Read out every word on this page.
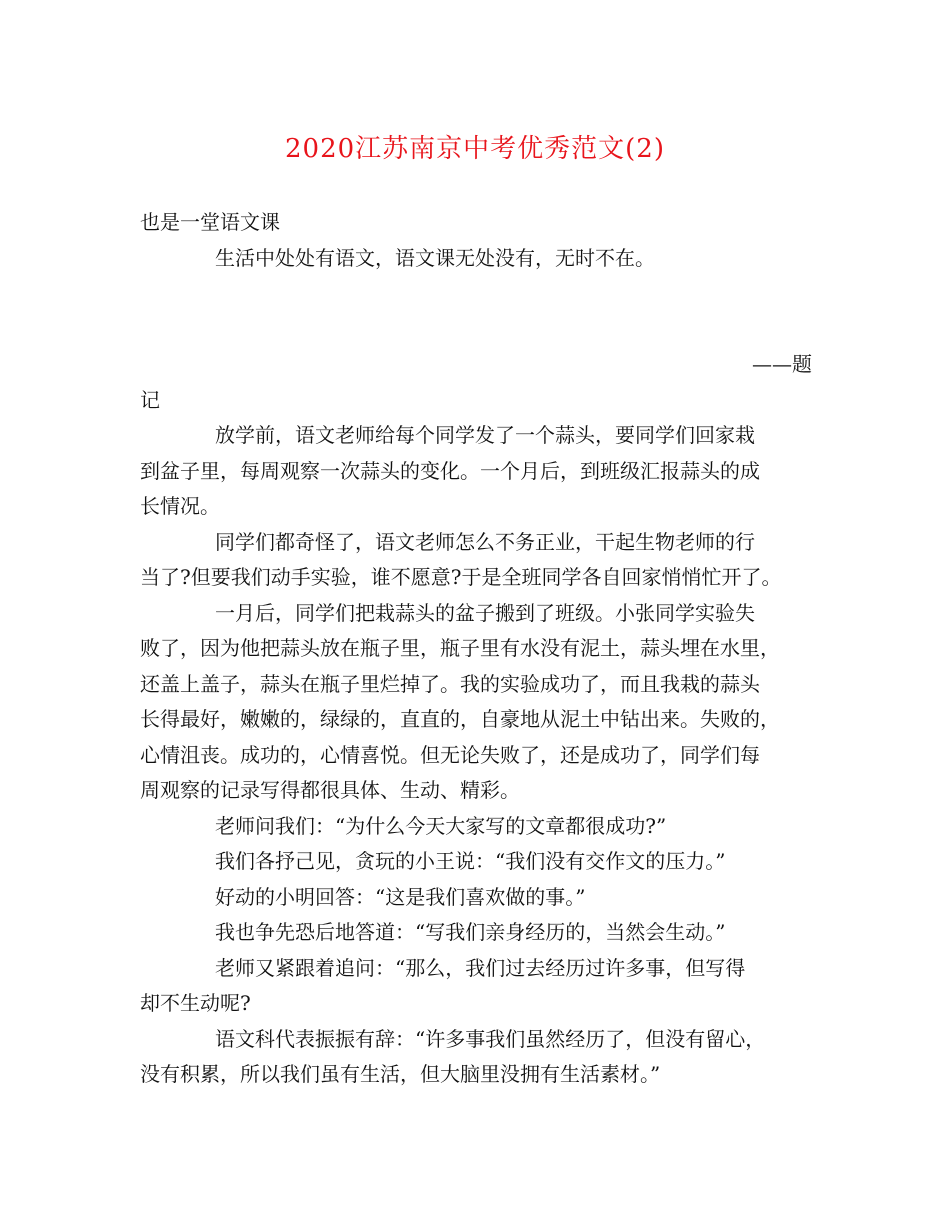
2020江苏南京中考优秀范文(2)
也是一堂语文课
生活中处处有语文，语文课无处没有，无时不在。
——题
记
放学前，语文老师给每个同学发了一个蒜头，要同学们回家栽
到盆子里，每周观察一次蒜头的变化。一个月后，到班级汇报蒜头的成
长情况。
同学们都奇怪了，语文老师怎么不务正业，干起生物老师的行
当了?但要我们动手实验，谁不愿意?于是全班同学各自回家悄悄忙开了。
一月后，同学们把栽蒜头的盆子搬到了班级。小张同学实验失
败了，因为他把蒜头放在瓶子里，瓶子里有水没有泥土，蒜头埋在水里，
还盖上盖子，蒜头在瓶子里烂掉了。我的实验成功了，而且我栽的蒜头
长得最好，嫩嫩的，绿绿的，直直的，自豪地从泥土中钻出来。失败的，
心情沮丧。成功的，心情喜悦。但无论失败了，还是成功了，同学们每
周观察的记录写得都很具体、生动、精彩。
老师问我们：“为什么今天大家写的文章都很成功?”
我们各抒己见，贪玩的小王说：“我们没有交作文的压力。”
好动的小明回答：“这是我们喜欢做的事。”
我也争先恐后地答道：“写我们亲身经历的，当然会生动。”
老师又紧跟着追问：“那么，我们过去经历过许多事，但写得
却不生动呢?
语文科代表振振有辞：“许多事我们虽然经历了，但没有留心，
没有积累，所以我们虽有生活，但大脑里没拥有生活素材。”
